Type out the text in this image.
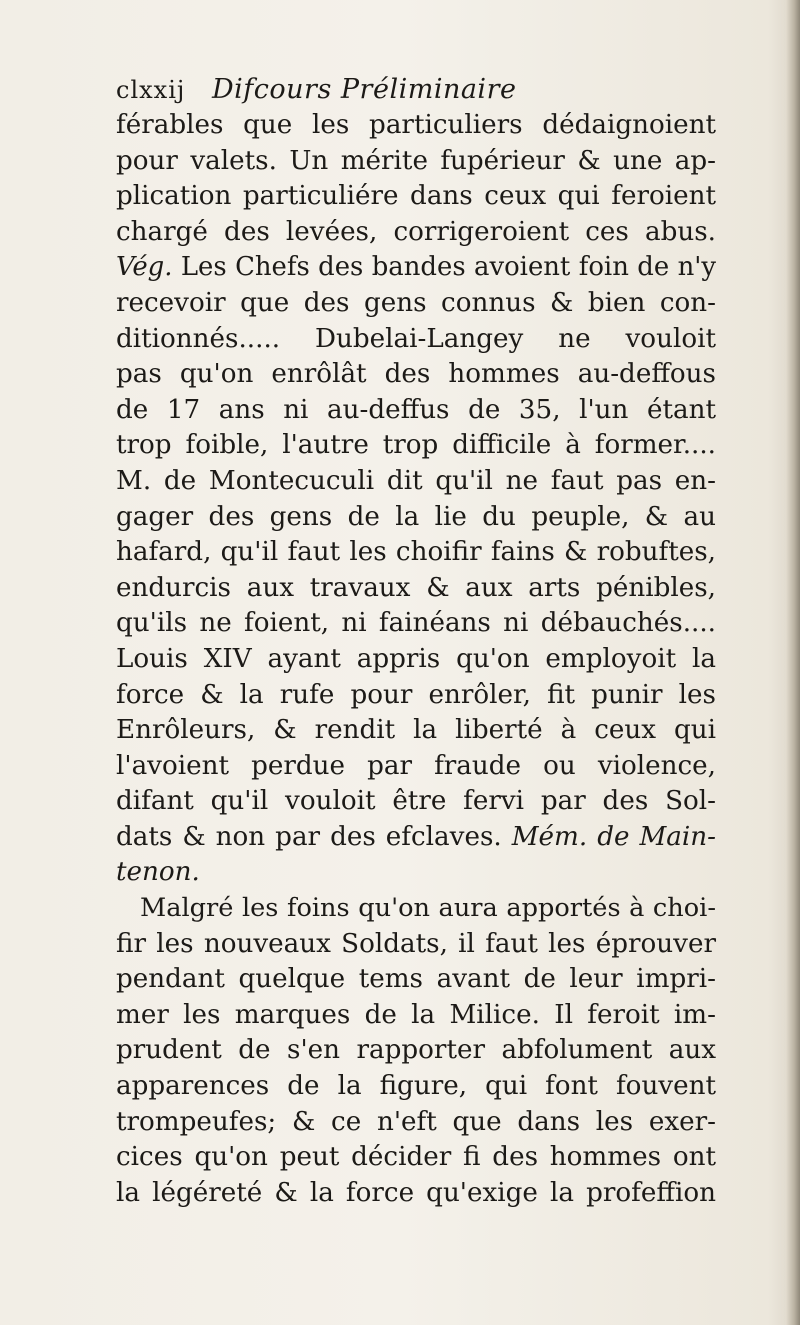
clxxij Difcours Préliminaire
férables que les particuliers dédaignoient
pour valets. Un mérite fupérieur & une ap-
plication particuliére dans ceux qui feroient
chargé des levées, corrigeroient ces abus.
Vég. Les Chefs des bandes avoient foin de n'y
recevoir que des gens connus & bien con-
ditionnés..... Dubelai-Langey ne vouloit
pas qu'on enrôlât des hommes au-deffous
de 17 ans ni au-deffus de 35, l'un étant
trop foible, l'autre trop difficile à former....
M. de Montecuculi dit qu'il ne faut pas en-
gager des gens de la lie du peuple, & au
hafard, qu'il faut les choifir fains & robuftes,
endurcis aux travaux & aux arts pénibles,
qu'ils ne foient, ni fainéans ni débauchés....
Louis XIV ayant appris qu'on employoit la
force & la rufe pour enrôler, fit punir les
Enrôleurs, & rendit la liberté à ceux qui
l'avoient perdue par fraude ou violence,
difant qu'il vouloit être fervi par des Sol-
dats & non par des efclaves. Mém. de Main-
tenon.
Malgré les foins qu'on aura apportés à choi-
fir les nouveaux Soldats, il faut les éprouver
pendant quelque tems avant de leur impri-
mer les marques de la Milice. Il feroit im-
prudent de s'en rapporter abfolument aux
apparences de la figure, qui font fouvent
trompeufes; & ce n'eft que dans les exer-
cices qu'on peut décider fi des hommes ont
la légéreté & la force qu'exige la profeffion
